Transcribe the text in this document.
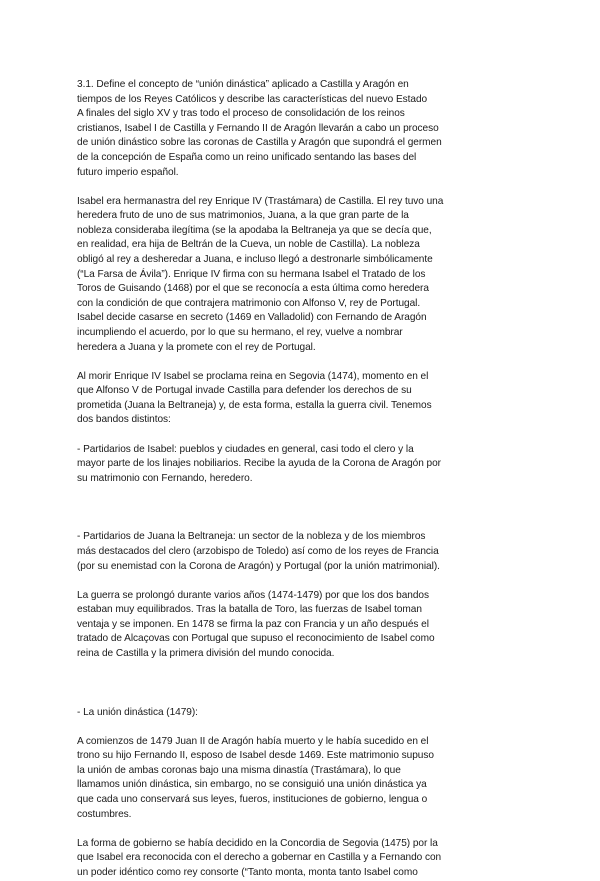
3.1. Define el concepto de “unión dinástica” aplicado a Castilla y Aragón en
tiempos de los Reyes Católicos y describe las características del nuevo Estado
A finales del siglo XV y tras todo el proceso de consolidación de los reinos
cristianos, Isabel I de Castilla y Fernando II de Aragón llevarán a cabo un proceso
de unión dinástico sobre las coronas de Castilla y Aragón que supondrá el germen
de la concepción de España como un reino unificado sentando las bases del
futuro imperio español.
Isabel era hermanastra del rey Enrique IV (Trastámara) de Castilla. El rey tuvo una
heredera fruto de uno de sus matrimonios, Juana, a la que gran parte de la
nobleza consideraba ilegítima (se la apodaba la Beltraneja ya que se decía que,
en realidad, era hija de Beltrán de la Cueva, un noble de Castilla). La nobleza
obligó al rey a desheredar a Juana, e incluso llegó a destronarle simbólicamente
(“La Farsa de Ávila”). Enrique IV firma con su hermana Isabel el Tratado de los
Toros de Guisando (1468) por el que se reconocía a esta última como heredera
con la condición de que contrajera matrimonio con Alfonso V, rey de Portugal.
Isabel decide casarse en secreto (1469 en Valladolid) con Fernando de Aragón
incumpliendo el acuerdo, por lo que su hermano, el rey, vuelve a nombrar
heredera a Juana y la promete con el rey de Portugal.
Al morir Enrique IV Isabel se proclama reina en Segovia (1474), momento en el
que Alfonso V de Portugal invade Castilla para defender los derechos de su
prometida (Juana la Beltraneja) y, de esta forma, estalla la guerra civil. Tenemos
dos bandos distintos:
- Partidarios de Isabel: pueblos y ciudades en general, casi todo el clero y la
mayor parte de los linajes nobiliarios. Recibe la ayuda de la Corona de Aragón por
su matrimonio con Fernando, heredero.
- Partidarios de Juana la Beltraneja: un sector de la nobleza y de los miembros
más destacados del clero (arzobispo de Toledo) así como de los reyes de Francia
(por su enemistad con la Corona de Aragón) y Portugal (por la unión matrimonial).
La guerra se prolongó durante varios años (1474-1479) por que los dos bandos
estaban muy equilibrados. Tras la batalla de Toro, las fuerzas de Isabel toman
ventaja y se imponen. En 1478 se firma la paz con Francia y un año después el
tratado de Alcaçovas con Portugal que supuso el reconocimiento de Isabel como
reina de Castilla y la primera división del mundo conocida.
- La unión dinástica (1479):
A comienzos de 1479 Juan II de Aragón había muerto y le había sucedido en el
trono su hijo Fernando II, esposo de Isabel desde 1469. Este matrimonio supuso
la unión de ambas coronas bajo una misma dinastía (Trastámara), lo que
llamamos unión dinástica, sin embargo, no se consiguió una unión dinástica ya
que cada uno conservará sus leyes, fueros, instituciones de gobierno, lengua o
costumbres.
La forma de gobierno se había decidido en la Concordia de Segovia (1475) por la
que Isabel era reconocida con el derecho a gobernar en Castilla y a Fernando con
un poder idéntico como rey consorte (“Tanto monta, monta tanto Isabel como
